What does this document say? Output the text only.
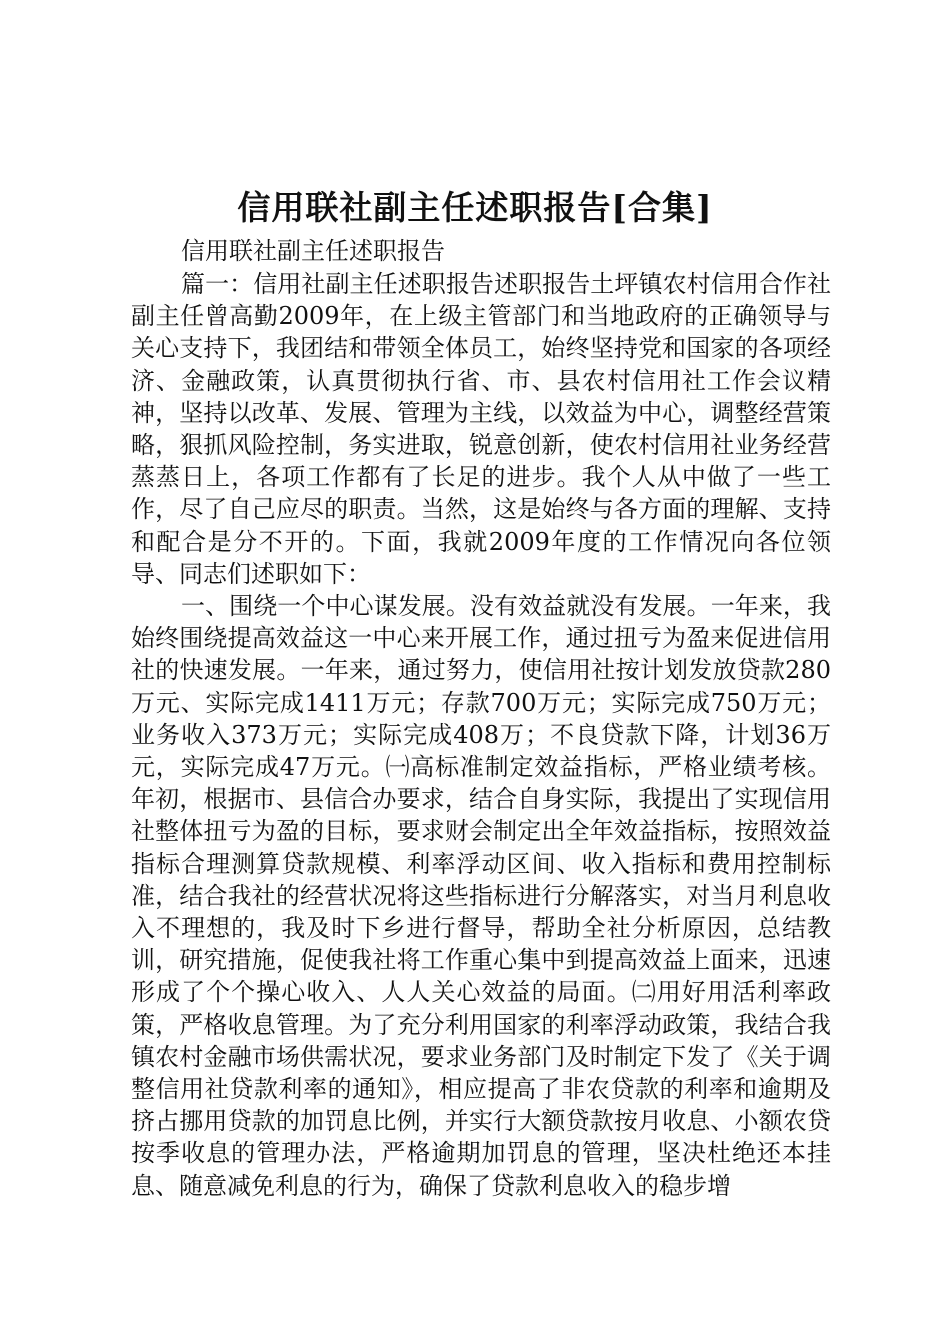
信用联社副主任述职报告[合集]

信用联社副主任述职报告

篇一：信用社副主任述职报告述职报告土坪镇农村信用合作社副主任曾高勤2009年，在上级主管部门和当地政府的正确领导与关心支持下，我团结和带领全体员工，始终坚持党和国家的各项经济、金融政策，认真贯彻执行省、市、县农村信用社工作会议精神，坚持以改革、发展、管理为主线，以效益为中心，调整经营策略，狠抓风险控制，务实进取，锐意创新，使农村信用社业务经营蒸蒸日上，各项工作都有了长足的进步。我个人从中做了一些工作，尽了自己应尽的职责。当然，这是始终与各方面的理解、支持和配合是分不开的。下面，我就2009年度的工作情况向各位领导、同志们述职如下：

一、围绕一个中心谋发展。没有效益就没有发展。一年来，我始终围绕提高效益这一中心来开展工作，通过扭亏为盈来促进信用社的快速发展。一年来，通过努力，使信用社按计划发放贷款280万元、实际完成1411万元；存款700万元；实际完成750万元；业务收入373万元；实际完成408万；不良贷款下降，计划36万元，实际完成47万元。㈠高标准制定效益指标，严格业绩考核。年初，根据市、县信合办要求，结合自身实际，我提出了实现信用社整体扭亏为盈的目标，要求财会制定出全年效益指标，按照效益指标合理测算贷款规模、利率浮动区间、收入指标和费用控制标准，结合我社的经营状况将这些指标进行分解落实，对当月利息收入不理想的，我及时下乡进行督导，帮助全社分析原因，总结教训，研究措施，促使我社将工作重心集中到提高效益上面来，迅速形成了个个操心收入、人人关心效益的局面。㈡用好用活利率政策，严格收息管理。为了充分利用国家的利率浮动政策，我结合我镇农村金融市场供需状况，要求业务部门及时制定下发了《关于调整信用社贷款利率的通知》，相应提高了非农贷款的利率和逾期及挤占挪用贷款的加罚息比例，并实行大额贷款按月收息、小额农贷按季收息的管理办法，严格逾期加罚息的管理，坚决杜绝还本挂息、随意减免利息的行为，确保了贷款利息收入的稳步增
